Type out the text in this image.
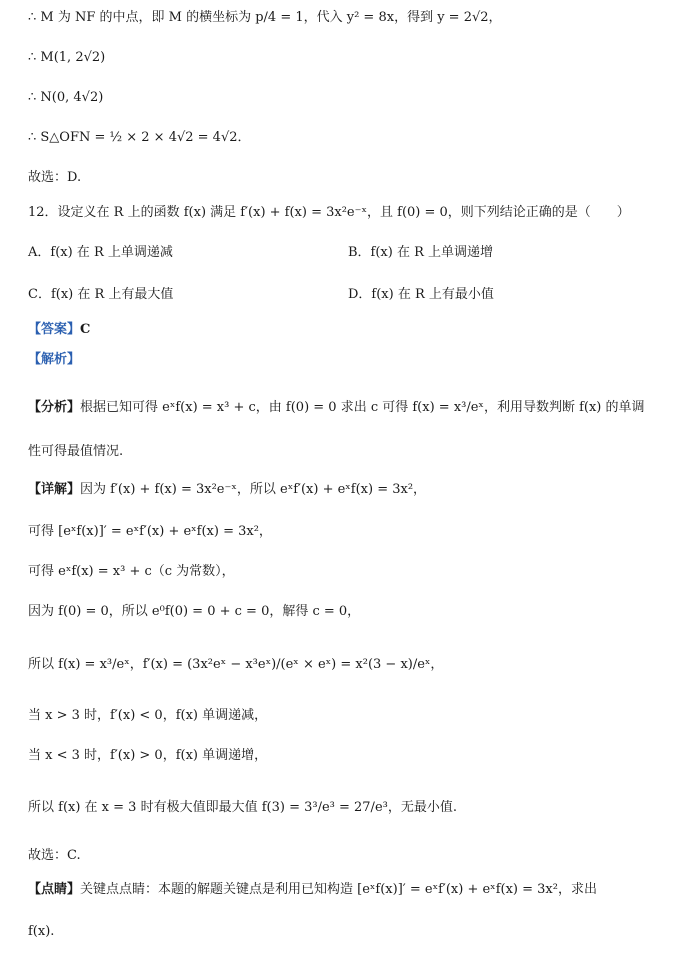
∴ M 为 NF 的中点，即 M 的横坐标为 p/4 = 1，代入 y² = 8x，得到 y = 2√2，
∴ M(1, 2√2)
∴ N(0, 4√2)
∴ S△OFN = ½ × 2 × 4√2 = 4√2．
故选：D.
12．设定义在 R 上的函数 f(x) 满足 f′(x) + f(x) = 3x²e⁻ˣ，且 f(0) = 0，则下列结论正确的是（　　）
A．f(x) 在 R 上单调递减	B．f(x) 在 R 上单调递增
C．f(x) 在 R 上有最大值	D．f(x) 在 R 上有最小值
【答案】C
【解析】
【分析】根据已知可得 eˣf(x) = x³ + c，由 f(0) = 0 求出 c 可得 f(x) = x³/eˣ，利用导数判断 f(x) 的单调
性可得最值情况.
【详解】因为 f′(x) + f(x) = 3x²e⁻ˣ，所以 eˣf′(x) + eˣf(x) = 3x²，
可得 [eˣf(x)]′ = eˣf′(x) + eˣf(x) = 3x²，
可得 eˣf(x) = x³ + c（c 为常数），
因为 f(0) = 0，所以 e⁰f(0) = 0 + c = 0，解得 c = 0，
所以 f(x) = x³/eˣ，f′(x) = (3x²eˣ − x³eˣ)/(eˣ × eˣ) = x²(3 − x)/eˣ，
当 x > 3 时，f′(x) < 0，f(x) 单调递减，
当 x < 3 时，f′(x) > 0，f(x) 单调递增，
所以 f(x) 在 x = 3 时有极大值即最大值 f(3) = 3³/e³ = 27/e³，无最小值.
故选：C.
【点睛】关键点点睛：本题的解题关键点是利用已知构造 [eˣf(x)]′ = eˣf′(x) + eˣf(x) = 3x²，求出
f(x).
